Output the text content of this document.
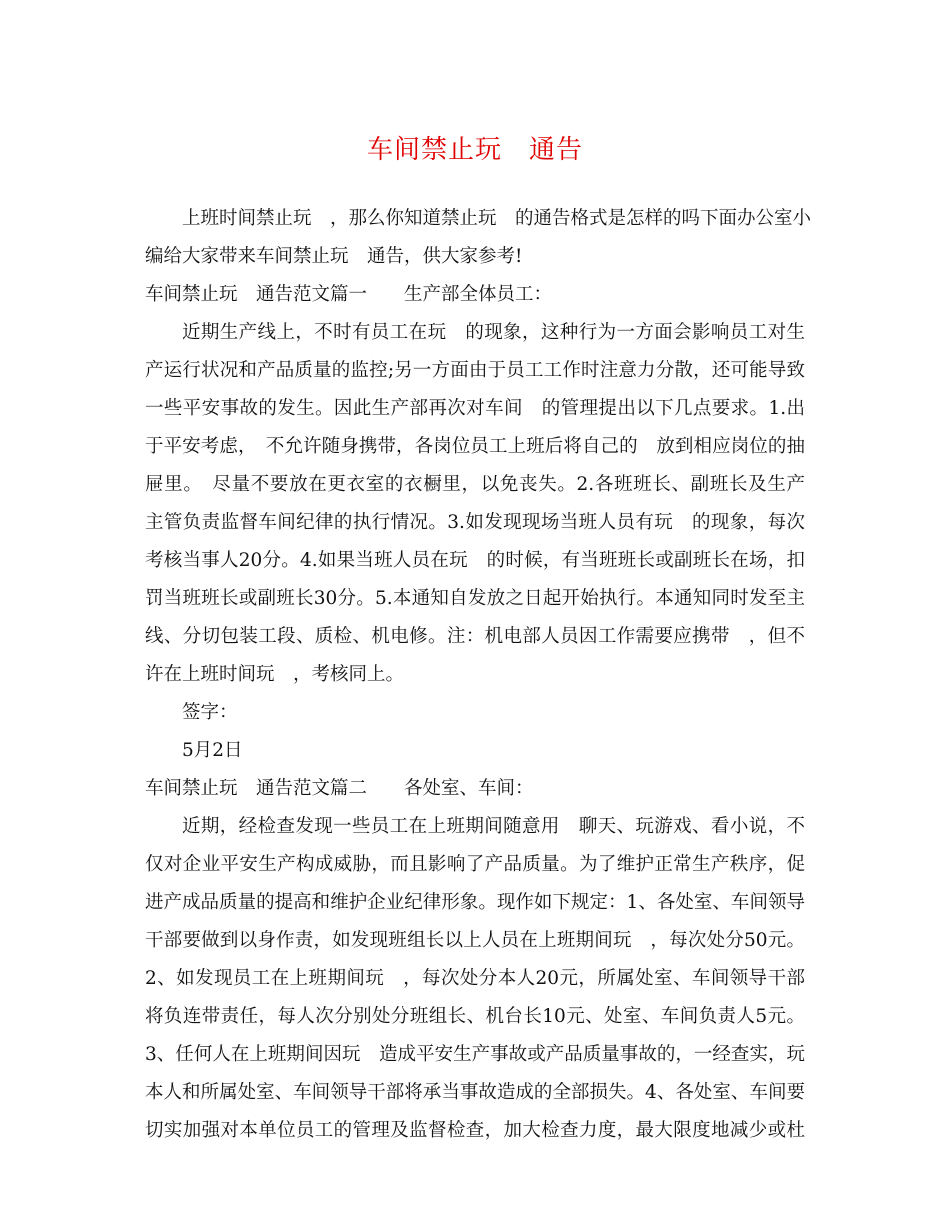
车间禁止玩　通告
上班时间禁止玩　，那么你知道禁止玩　的通告格式是怎样的吗下面办公室小
编给大家带来车间禁止玩　通告，供大家参考!
车间禁止玩　通告范文篇一　　生产部全体员工：
近期生产线上，不时有员工在玩　的现象，这种行为一方面会影响员工对生
产运行状况和产品质量的监控;另一方面由于员工工作时注意力分散，还可能导致
一些平安事故的发生。因此生产部再次对车间　的管理提出以下几点要求。1.出
于平安考虑，　不允许随身携带，各岗位员工上班后将自己的　放到相应岗位的抽
屉里。　尽量不要放在更衣室的衣橱里，以免丧失。2.各班班长、副班长及生产
主管负责监督车间纪律的执行情况。3.如发现现场当班人员有玩　的现象，每次
考核当事人20分。4.如果当班人员在玩　的时候，有当班班长或副班长在场，扣
罚当班班长或副班长30分。5.本通知自发放之日起开始执行。本通知同时发至主
线、分切包装工段、质检、机电修。注：机电部人员因工作需要应携带　，但不
许在上班时间玩　，考核同上。
签字：
5月2日
车间禁止玩　通告范文篇二　　各处室、车间：
近期，经检查发现一些员工在上班期间随意用　聊天、玩游戏、看小说，不
仅对企业平安生产构成威胁，而且影响了产品质量。为了维护正常生产秩序，促
进产成品质量的提高和维护企业纪律形象。现作如下规定：1、各处室、车间领导
干部要做到以身作责，如发现班组长以上人员在上班期间玩　，每次处分50元。
2、如发现员工在上班期间玩　，每次处分本人20元，所属处室、车间领导干部
将负连带责任，每人次分别处分班组长、机台长10元、处室、车间负责人5元。
3、任何人在上班期间因玩　造成平安生产事故或产品质量事故的，一经查实，玩
本人和所属处室、车间领导干部将承当事故造成的全部损失。4、各处室、车间要
切实加强对本单位员工的管理及监督检查，加大检查力度，最大限度地减少或杜
